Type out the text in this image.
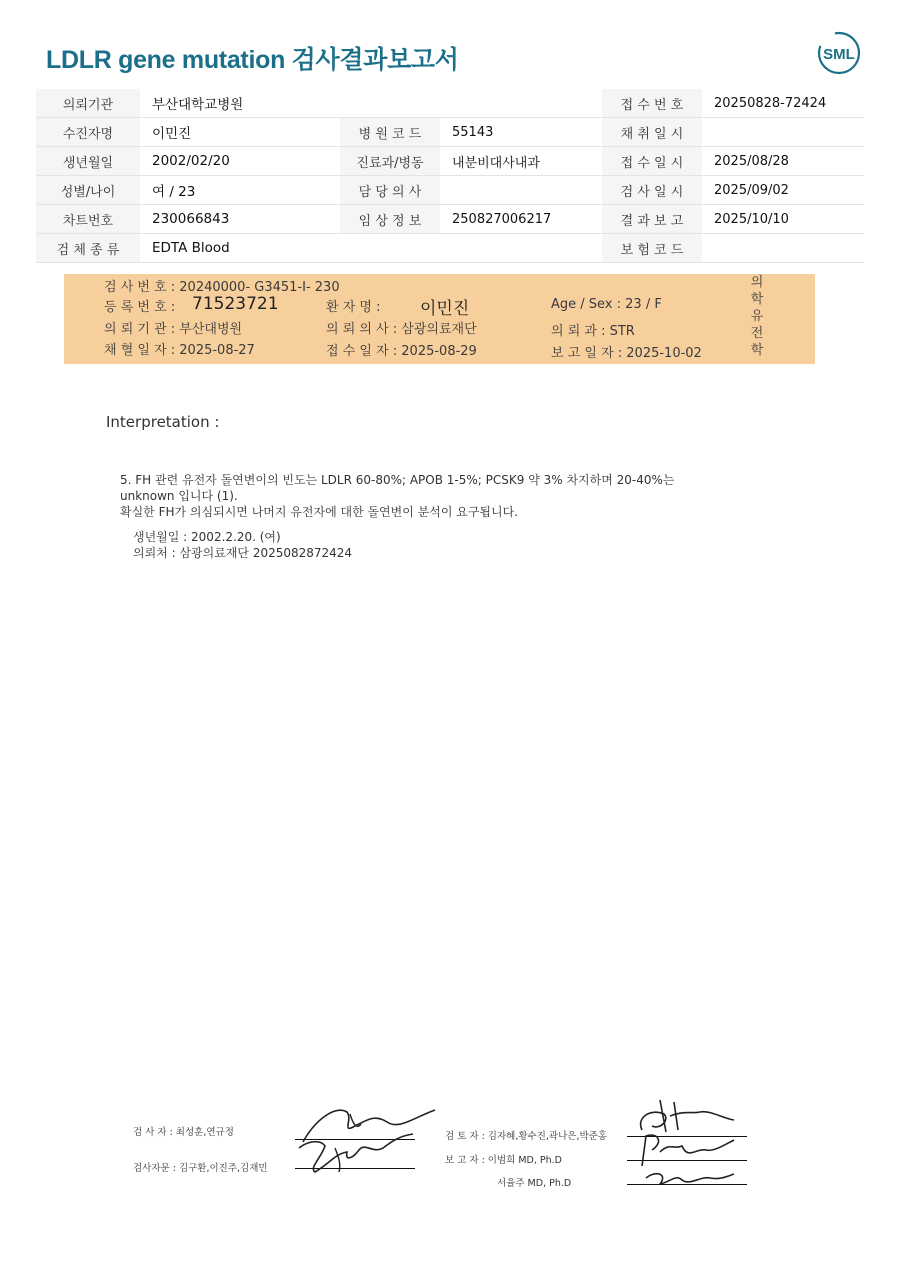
LDLR gene mutation 검사결과보고서	SML
의뢰기관	부산대학교병원			접 수 번 호	20250828-72424
수진자명	이민진	병 원 코 드	55143	채 취 일 시	
생년월일	2002/02/20	진료과/병동	내분비대사내과	접 수 일 시	2025/08/28
성별/나이	여 / 23	담 당 의 사		검 사 일 시	2025/09/02
차트번호	230066843	임 상 정 보	250827006217	결 과 보 고	2025/10/10
검 체 종 류	EDTA Blood			보 험 코 드	
검 사 번 호 : 20240000- G3451-I- 230
등 록 번 호 : 71523721	환 자 명 : 이민진	Age / Sex : 23 / F
의 뢰 기 관 : 부산대병원	의 뢰 의 사 : 삼광의료재단	의 뢰 과 : STR
채 혈 일 자 : 2025-08-27	접 수 일 자 : 2025-08-29	보 고 일 자 : 2025-10-02
의학유전학
Interpretation :
5. FH 관련 유전자 돌연변이의 빈도는 LDLR 60-80%; APOB 1-5%; PCSK9 약 3% 차지하며 20-40%는
unknown 입니다 (1).
확실한 FH가 의심되시면 나머지 유전자에 대한 돌연변이 분석이 요구됩니다.
생년월일 : 2002.2.20. (여)
의뢰처 : 삼광의료재단 2025082872424
검 사 자 : 최성훈,연규정
검사자문 : 김구환,이진주,김재민
검 토 자 : 김자혜,황수진,곽나은,박준홍
보 고 자 : 이범희 MD, Ph.D
서율주 MD, Ph.D
